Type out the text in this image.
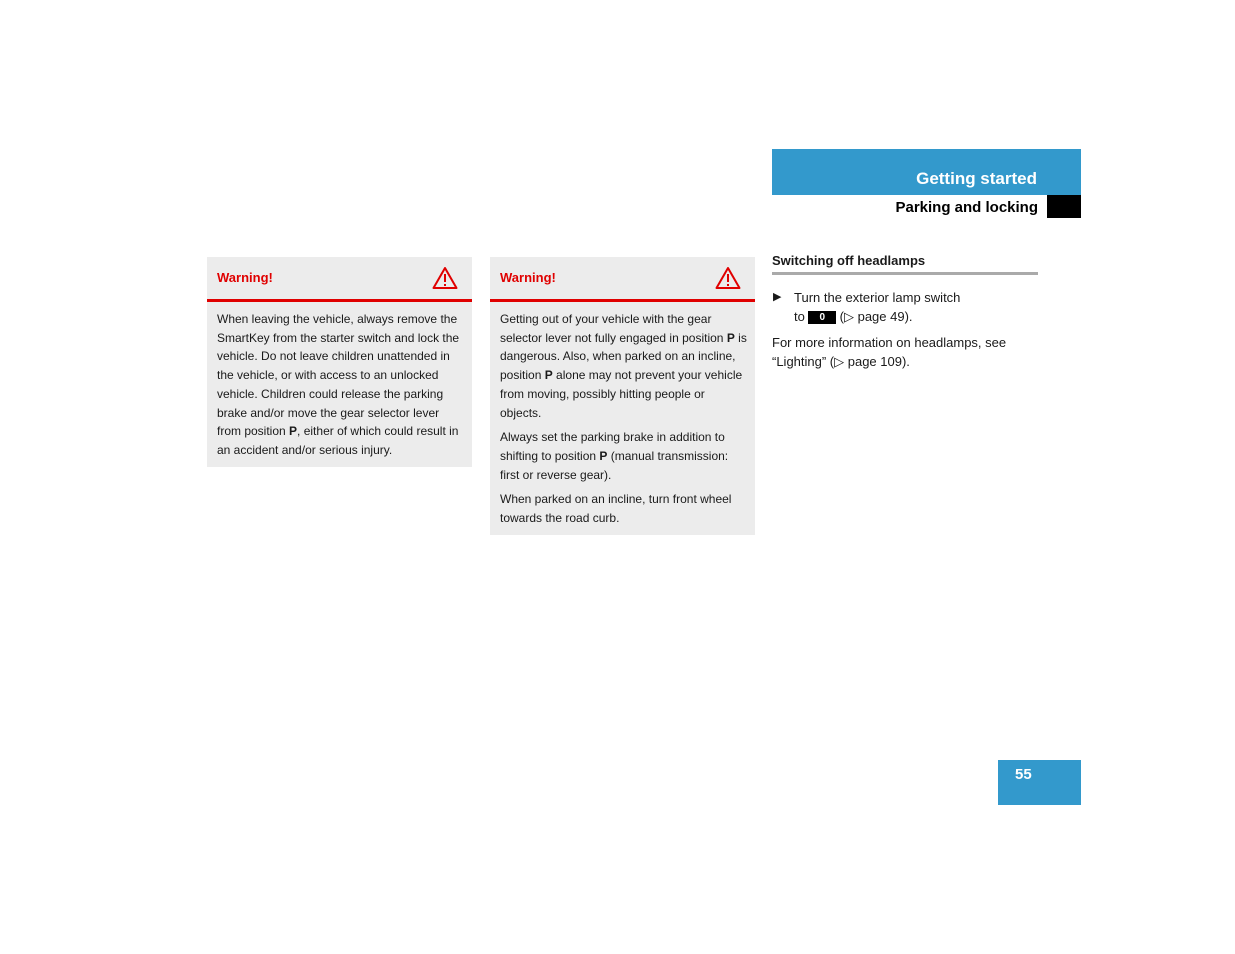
Getting started
Parking and locking
Warning!

When leaving the vehicle, always remove the SmartKey from the starter switch and lock the vehicle. Do not leave children unattended in the vehicle, or with access to an unlocked vehicle. Children could release the parking brake and/or move the gear selector lever from position P, either of which could result in an accident and/or serious injury.

Warning!

Getting out of your vehicle with the gear selector lever not fully engaged in position P is dangerous. Also, when parked on an incline, position P alone may not prevent your vehicle from moving, possibly hitting people or objects.

Always set the parking brake in addition to shifting to position P (manual transmission: first or reverse gear).

When parked on an incline, turn front wheel towards the road curb.

Switching off headlamps
▶ Turn the exterior lamp switch
to 0 (▷ page 49).
For more information on headlamps, see
“Lighting” (▷ page 109).
55
